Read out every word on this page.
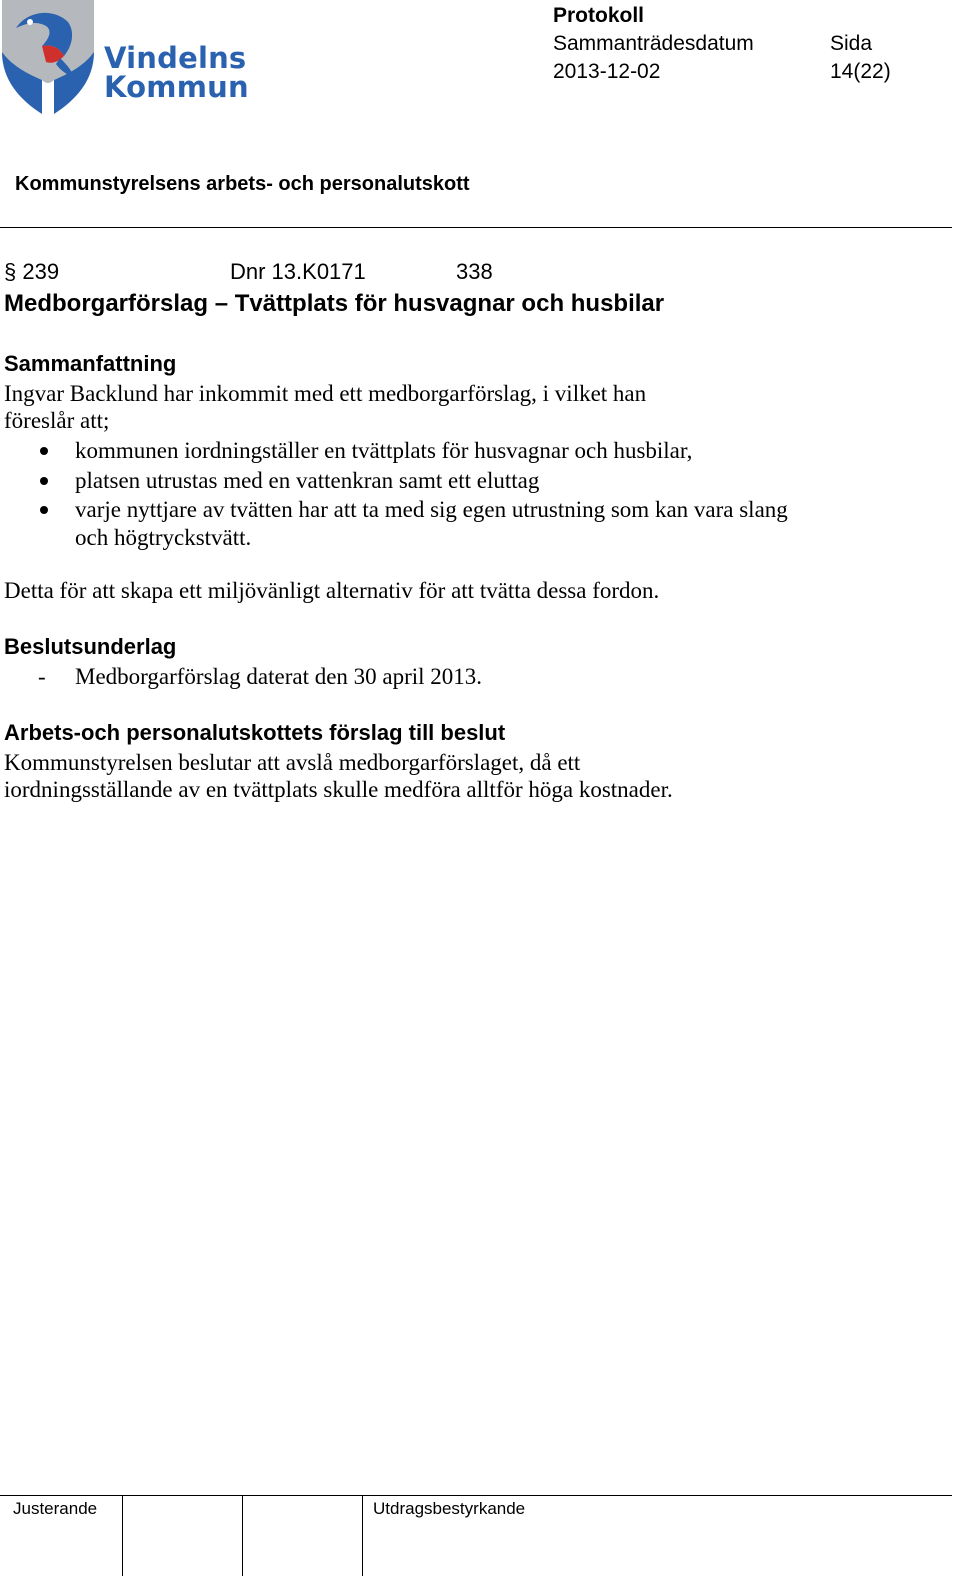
Vindelns
Kommun
Protokoll
Sammanträdesdatum	Sida
2013-12-02	14(22)
Kommunstyrelsens arbets- och personalutskott
§ 239	Dnr 13.K0171	338
Medborgarförslag – Tvättplats för husvagnar och husbilar
Sammanfattning
Ingvar Backlund har inkommit med ett medborgarförslag, i vilket han
föreslår att;
kommunen iordningställer en tvättplats för husvagnar och husbilar,
platsen utrustas med en vattenkran samt ett eluttag
varje nyttjare av tvätten har att ta med sig egen utrustning som kan vara slang och högtryckstvätt.
Detta för att skapa ett miljövänligt alternativ för att tvätta dessa fordon.
Beslutsunderlag
- Medborgarförslag daterat den 30 april 2013.
Arbets-och personalutskottets förslag till beslut
Kommunstyrelsen beslutar att avslå medborgarförslaget, då ett
iordningsställande av en tvättplats skulle medföra alltför höga kostnader.
Justerande	Utdragsbestyrkande
